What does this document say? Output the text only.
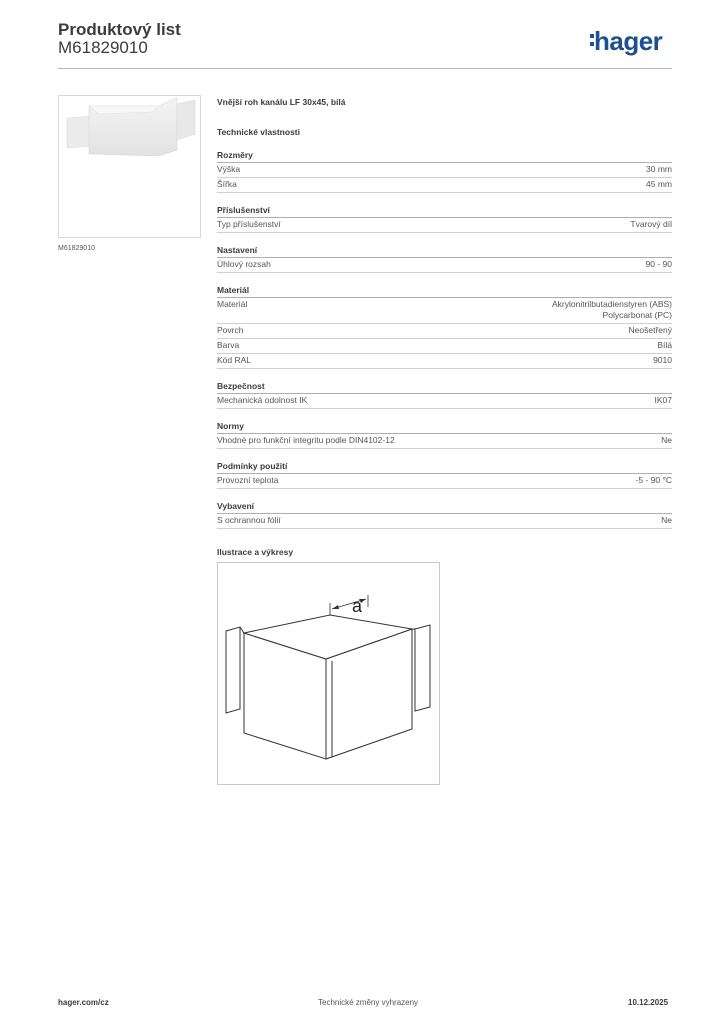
Produktový list
M61829010	hager
M61829010
Vnější roh kanálu LF 30x45, bílá
Technické vlastnosti
Rozměry
Výška	30 mm
Šířka	45 mm
Příslušenství
Typ příslušenství	Tvarový díl
Nastavení
Úhlový rozsah	90 - 90
Materiál
Materiál	Akrylonitrilbutadienstyren (ABS)
Polycarbonat (PC)
Povrch	Neošetřený
Barva	Bílá
Kód RAL	9010
Bezpečnost
Mechanická odolnost IK	IK07
Normy
Vhodné pro funkční integritu podle DIN4102-12	Ne
Podmínky použití
Provozní teplota	-5 - 90 °C
Vybavení
S ochrannou fólií	Ne
Ilustrace a výkresy
a
hager.com/cz	Technické změny vyhrazeny	10.12.2025
